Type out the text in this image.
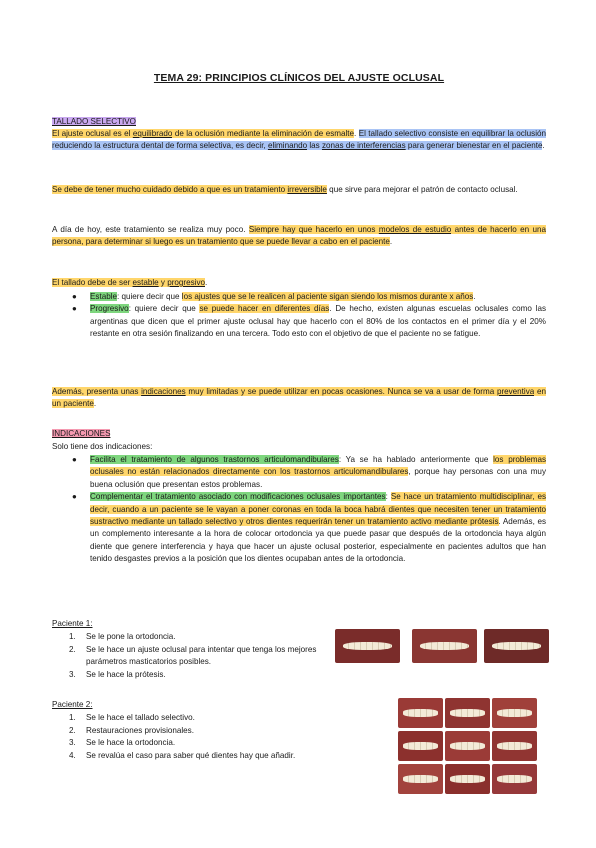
TEMA 29: PRINCIPIOS CLÍNICOS DEL AJUSTE OCLUSAL
TALLADO SELECTIVO

El ajuste oclusal es el equilibrado de la oclusión mediante la eliminación de esmalte. El tallado selectivo consiste en equilibrar la oclusión reduciendo la estructura dental de forma selectiva, es decir, eliminando las zonas de interferencias para generar bienestar en el paciente.

Se debe de tener mucho cuidado debido a que es un tratamiento irreversible que sirve para mejorar el patrón de contacto oclusal.

A día de hoy, este tratamiento se realiza muy poco. Siempre hay que hacerlo en unos modelos de estudio antes de hacerlo en una persona, para determinar si luego es un tratamiento que se puede llevar a cabo en el paciente.

El tallado debe de ser estable y progresivo.

● Estable: quiere decir que los ajustes que se le realicen al paciente sigan siendo los mismos durante x años.
● Progresivo: quiere decir que se puede hacer en diferentes días. De hecho, existen algunas escuelas oclusales como las argentinas que dicen que el primer ajuste oclusal hay que hacerlo con el 80% de los contactos en el primer día y el 20% restante en otra sesión finalizando en una tercera. Todo esto con el objetivo de que el paciente no se fatigue.

Además, presenta unas indicaciones muy limitadas y se puede utilizar en pocas ocasiones. Nunca se va a usar de forma preventiva en un paciente.

INDICACIONES
Solo tiene dos indicaciones:
● Facilita el tratamiento de algunos trastornos articulomandibulares: Ya se ha hablado anteriormente que los problemas oclusales no están relacionados directamente con los trastornos articulomandibulares, porque hay personas con una muy buena oclusión que presentan estos problemas.
● Complementar el tratamiento asociado con modificaciones oclusales importantes: Se hace un tratamiento multidisciplinar, es decir, cuando a un paciente se le vayan a poner coronas en toda la boca habrá dientes que necesiten tener un tratamiento sustractivo mediante un tallado selectivo y otros dientes requerirán tener un tratamiento activo mediante prótesis. Además, es un complemento interesante a la hora de colocar ortodoncia ya que puede pasar que después de la ortodoncia haya algún diente que genere interferencia y haya que hacer un ajuste oclusal posterior, especialmente en pacientes adultos que han tenido desgastes previos a la posición que los dientes ocupaban antes de la ortodoncia.
Paciente 1:
1. Se le pone la ortodoncia.
2. Se le hace un ajuste oclusal para intentar que tenga los mejores parámetros masticatorios posibles.
3. Se le hace la prótesis.
Paciente 2:
1. Se le hace el tallado selectivo.
2. Restauraciones provisionales.
3. Se le hace la ortodoncia.
4. Se revalúa el caso para saber qué dientes hay que añadir.
